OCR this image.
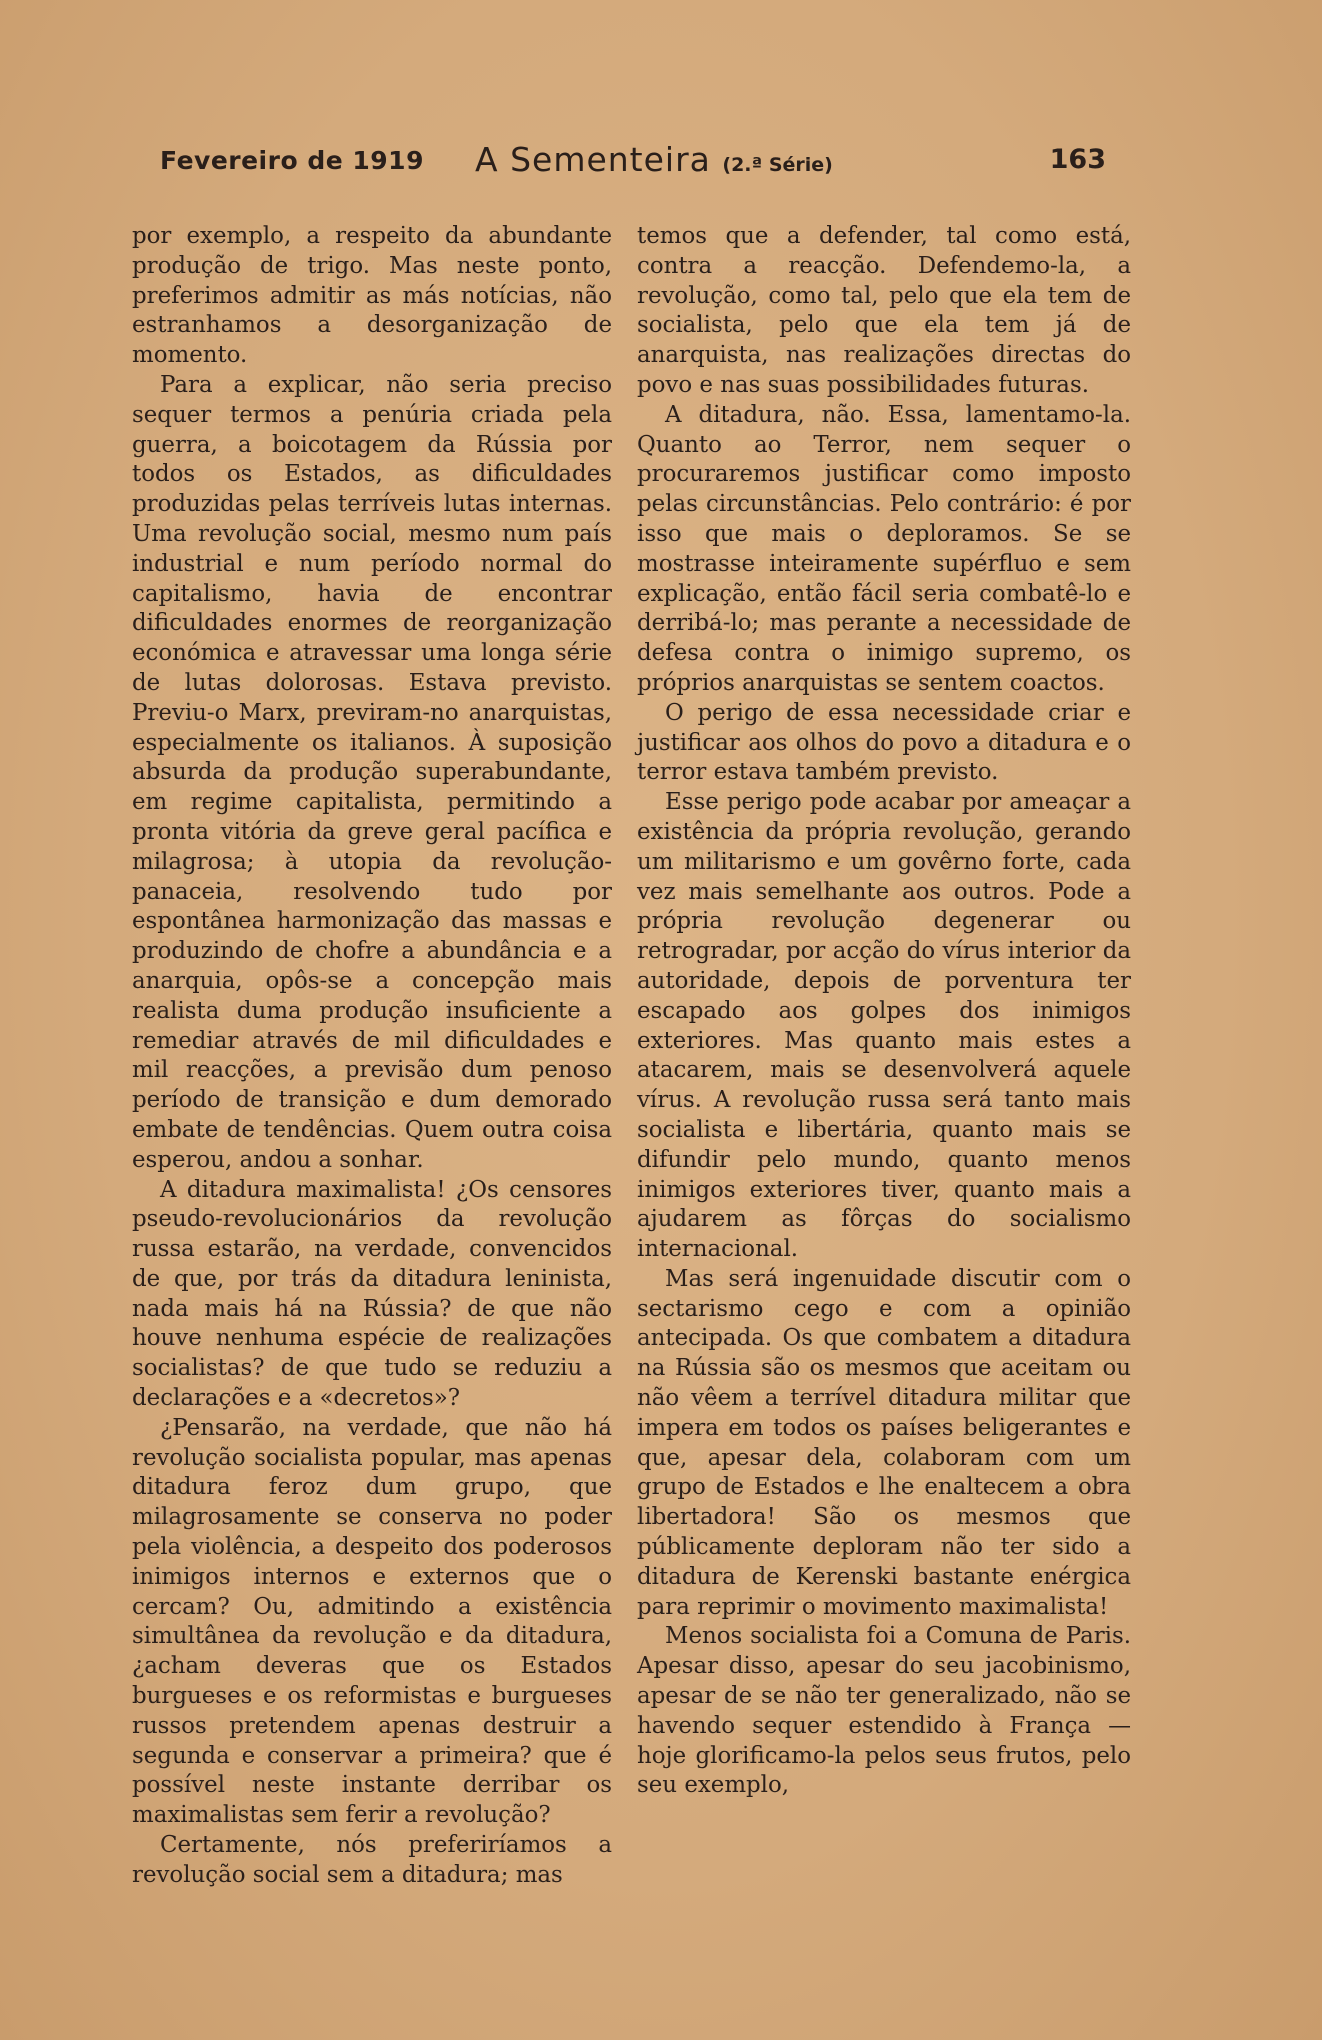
Fevereiro de 1919 A Sementeira (2.ª Série)	163

por exemplo, a respeito da abundante produção de trigo. Mas neste ponto, preferimos admitir as más notícias, não estranhamos a desorganização de momento.

Para a explicar, não seria preciso sequer termos a penúria criada pela guerra, a boicotagem da Rússia por todos os Estados, as dificuldades produzidas pelas terríveis lutas internas. Uma revolução social, mesmo num país industrial e num período normal do capitalismo, havia de encontrar dificuldades enormes de reorganização económica e atravessar uma longa série de lutas dolorosas. Estava previsto. Previu-o Marx, previram-no anarquistas, especialmente os italianos. À suposição absurda da produção superabundante, em regime capitalista, permitindo a pronta vitória da greve geral pacífica e milagrosa; à utopia da revolução-panaceia, resolvendo tudo por espontânea harmonização das massas e produzindo de chofre a abundância e a anarquia, opôs-se a concepção mais realista duma produção insuficiente a remediar através de mil dificuldades e mil reacções, a previsão dum penoso período de transição e dum demorado embate de tendências. Quem outra coisa esperou, andou a sonhar.

A ditadura maximalista! ¿Os censores pseudo-revolucionários da revolução russa estarão, na verdade, convencidos de que, por trás da ditadura leninista, nada mais há na Rússia? de que não houve nenhuma espécie de realizações socialistas? de que tudo se reduziu a declarações e a «decretos»?

¿Pensarão, na verdade, que não há revolução socialista popular, mas apenas ditadura feroz dum grupo, que milagrosamente se conserva no poder pela violência, a despeito dos poderosos inimigos internos e externos que o cercam? Ou, admitindo a existência simultânea da revolução e da ditadura, ¿acham deveras que os Estados burgueses e os reformistas e burgueses russos pretendem apenas destruir a segunda e conservar a primeira? que é possível neste instante derribar os maximalistas sem ferir a revolução?

Certamente, nós preferiríamos a revolução social sem a ditadura; mas

temos que a defender, tal como está, contra a reacção. Defendemo-la, a revolução, como tal, pelo que ela tem de socialista, pelo que ela tem já de anarquista, nas realizações directas do povo e nas suas possibilidades futuras.

A ditadura, não. Essa, lamentamo-la. Quanto ao Terror, nem sequer o procuraremos justificar como imposto pelas circunstâncias. Pelo contrário: é por isso que mais o deploramos. Se se mostrasse inteiramente supérfluo e sem explicação, então fácil seria combatê-lo e derribá-lo; mas perante a necessidade de defesa contra o inimigo supremo, os próprios anarquistas se sentem coactos.

O perigo de essa necessidade criar e justificar aos olhos do povo a ditadura e o terror estava também previsto.

Esse perigo pode acabar por ameaçar a existência da própria revolução, gerando um militarismo e um govêrno forte, cada vez mais semelhante aos outros. Pode a própria revolução degenerar ou retrogradar, por acção do vírus interior da autoridade, depois de porventura ter escapado aos golpes dos inimigos exteriores. Mas quanto mais estes a atacarem, mais se desenvolverá aquele vírus. A revolução russa será tanto mais socialista e libertária, quanto mais se difundir pelo mundo, quanto menos inimigos exteriores tiver, quanto mais a ajudarem as fôrças do socialismo internacional.

Mas será ingenuidade discutir com o sectarismo cego e com a opinião antecipada. Os que combatem a ditadura na Rússia são os mesmos que aceitam ou não vêem a terrível ditadura militar que impera em todos os países beligerantes e que, apesar dela, colaboram com um grupo de Estados e lhe enaltecem a obra libertadora! São os mesmos que públicamente deploram não ter sido a ditadura de Kerenski bastante enérgica para reprimir o movimento maximalista!

Menos socialista foi a Comuna de Paris. Apesar disso, apesar do seu jacobinismo, apesar de se não ter generalizado, não se havendo sequer estendido à França — hoje glorificamo-la pelos seus frutos, pelo seu exemplo,
